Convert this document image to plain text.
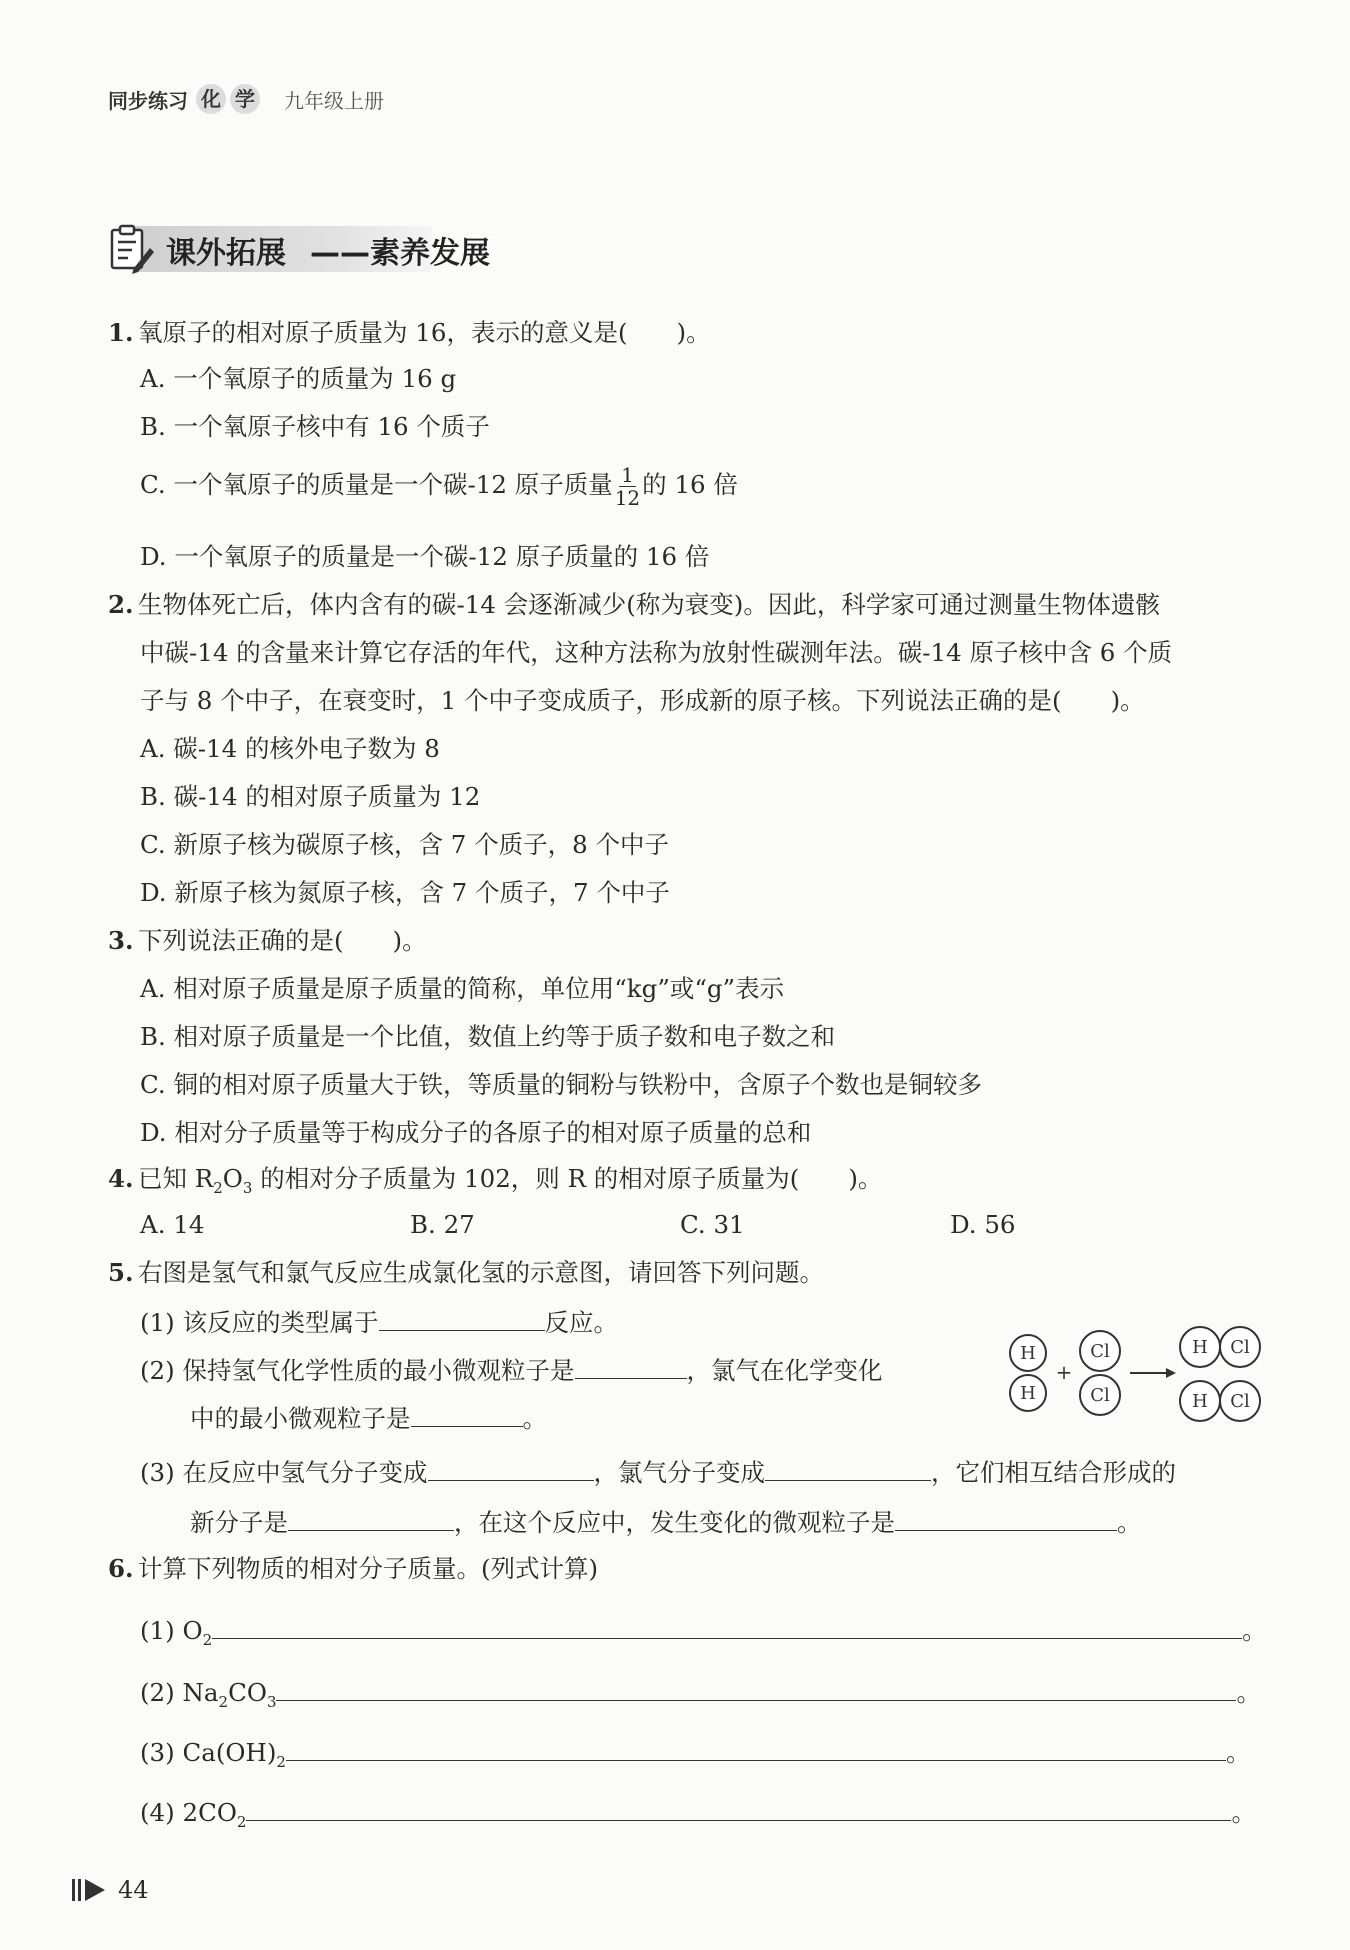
同步练习 化 学 九年级上册
课外拓展 ——素养发展
1. 氧原子的相对原子质量为 16，表示的意义是(　　)。
A. 一个氧原子的质量为 16 g
B. 一个氧原子核中有 16 个质子
C. 一个氧原子的质量是一个碳-12 原子质量 $\frac{1}{12}$ 的 16 倍
D. 一个氧原子的质量是一个碳-12 原子质量的 16 倍
2. 生物体死亡后，体内含有的碳-14 会逐渐减少(称为衰变)。因此，科学家可通过测量生物体遗骸
中碳-14 的含量来计算它存活的年代，这种方法称为放射性碳测年法。碳-14 原子核中含 6 个质
子与 8 个中子，在衰变时，1 个中子变成质子，形成新的原子核。下列说法正确的是(　　)。
A. 碳-14 的核外电子数为 8
B. 碳-14 的相对原子质量为 12
C. 新原子核为碳原子核，含 7 个质子，8 个中子
D. 新原子核为氮原子核，含 7 个质子，7 个中子
3. 下列说法正确的是(　　)。
A. 相对原子质量是原子质量的简称，单位用“kg”或“g”表示
B. 相对原子质量是一个比值，数值上约等于质子数和电子数之和
C. 铜的相对原子质量大于铁，等质量的铜粉与铁粉中，含原子个数也是铜较多
D. 相对分子质量等于构成分子的各原子的相对原子质量的总和
4. 已知 $R_2O_3$ 的相对分子质量为 102，则 R 的相对原子质量为(　　)。
A. 14	B. 27	C. 31	D. 56
5. 右图是氢气和氯气反应生成氯化氢的示意图，请回答下列问题。
(1) 该反应的类型属于	反应。
(2) 保持氢气化学性质的最小微观粒子是	，氯气在化学变化
中的最小微观粒子是	。
H
H
Cl
Cl
H Cl
H Cl
+
(3) 在反应中氢气分子变成	，氯气分子变成	，它们相互结合形成的
新分子是	，在这个反应中，发生变化的微观粒子是	。
6. 计算下列物质的相对分子质量。(列式计算)
(1) $O_2$	。
(2) $Na_2CO_3$	。
(3) $Ca(OH)_2$	。
(4) $2CO_2$	。
44
